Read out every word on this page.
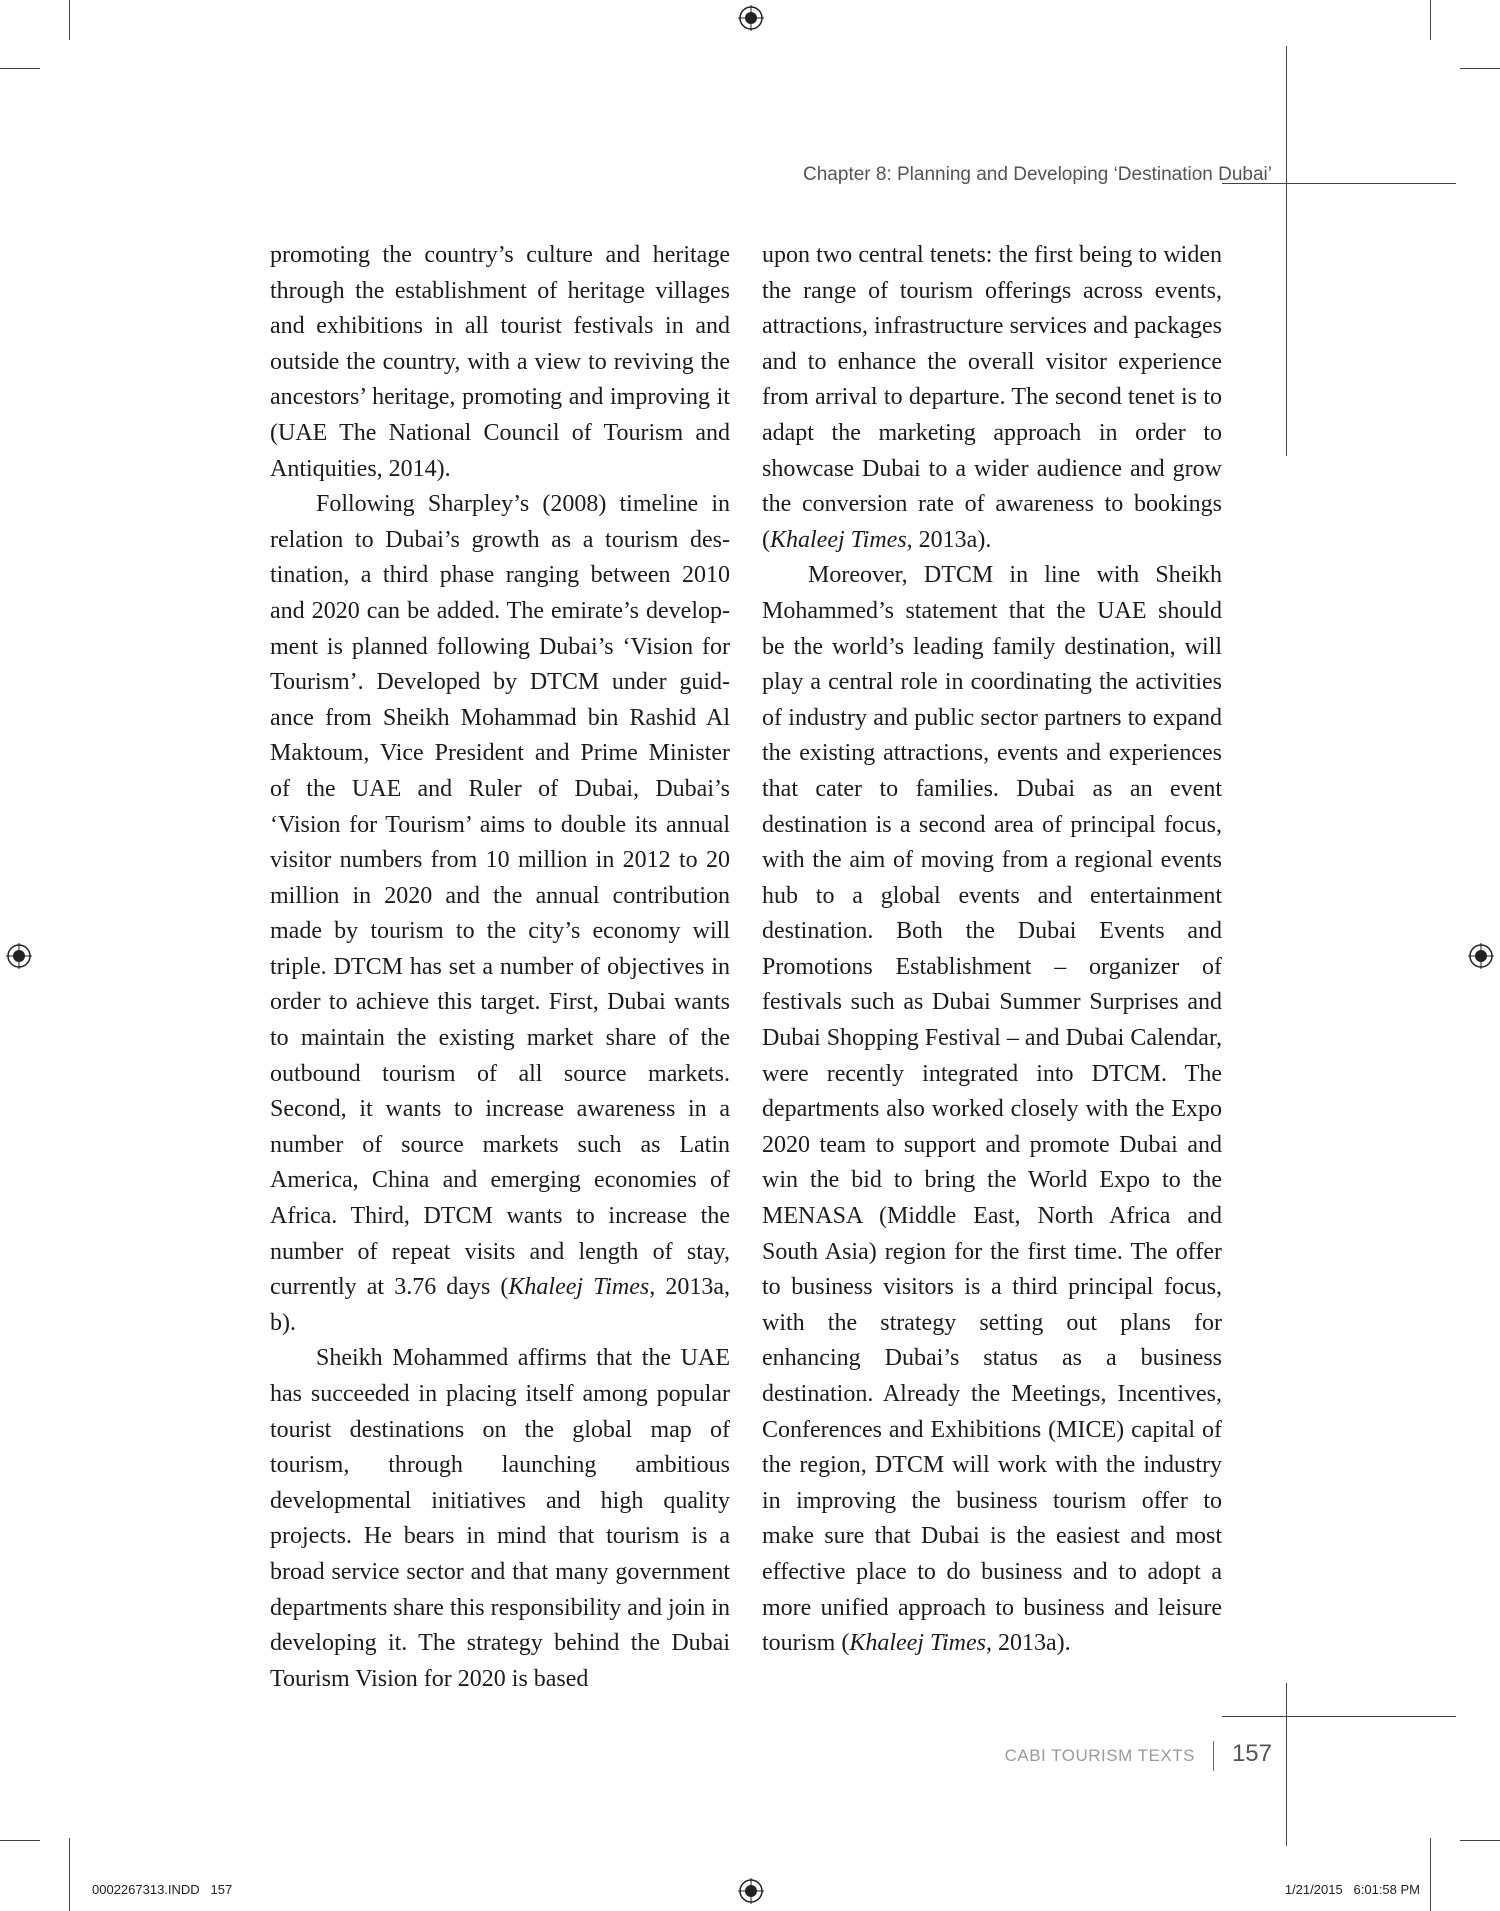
Chapter 8: Planning and Developing ‘Destination Dubai’

promoting the country’s culture and heritage through the establishment of heritage villages and exhibitions in all tourist festivals in and outside the country, with a view to reviving the ancestors’ heritage, promoting and improving it (UAE The National Council of Tourism and Antiquities, 2014).

Following Sharpley’s (2008) timeline in relation to Dubai’s growth as a tourism destination, a third phase ranging between 2010 and 2020 can be added. The emirate’s development is planned following Dubai’s ‘Vision for Tourism’. Developed by DTCM under guidance from Sheikh Mohammad bin Rashid Al Maktoum, Vice President and Prime Minister of the UAE and Ruler of Dubai, Dubai’s ‘Vision for Tourism’ aims to double its annual visitor numbers from 10 million in 2012 to 20 million in 2020 and the annual contribution made by tourism to the city’s economy will triple. DTCM has set a number of objectives in order to achieve this target. First, Dubai wants to maintain the existing market share of the outbound tourism of all source markets. Second, it wants to increase awareness in a number of source markets such as Latin America, China and emerging economies of Africa. Third, DTCM wants to increase the number of repeat visits and length of stay, currently at 3.76 days (Khaleej Times, 2013a, b).

Sheikh Mohammed affirms that the UAE has succeeded in placing itself among popular tourist destinations on the global map of tourism, through launching ambitious developmental initiatives and high quality projects. He bears in mind that tourism is a broad service sector and that many government departments share this responsibility and join in developing it. The strategy behind the Dubai Tourism Vision for 2020 is based

upon two central tenets: the first being to widen the range of tourism offerings across events, attractions, infrastructure services and packages and to enhance the overall visitor experience from arrival to departure. The second tenet is to adapt the marketing approach in order to showcase Dubai to a wider audience and grow the conversion rate of awareness to bookings (Khaleej Times, 2013a).

Moreover, DTCM in line with Sheikh Mohammed’s statement that the UAE should be the world’s leading family destination, will play a central role in coordinating the activities of industry and public sector partners to expand the existing attractions, events and experiences that cater to families. Dubai as an event destination is a second area of principal focus, with the aim of moving from a regional events hub to a global events and entertainment destination. Both the Dubai Events and Promotions Establishment – organizer of festivals such as Dubai Summer Surprises and Dubai Shopping Festival – and Dubai Calendar, were recently integrated into DTCM. The departments also worked closely with the Expo 2020 team to support and promote Dubai and win the bid to bring the World Expo to the MENASA (Middle East, North Africa and South Asia) region for the first time. The offer to business visitors is a third principal focus, with the strategy setting out plans for enhancing Dubai’s status as a business destination. Already the Meetings, Incentives, Conferences and Exhibitions (MICE) capital of the region, DTCM will work with the industry in improving the business tourism offer to make sure that Dubai is the easiest and most effective place to do business and to adopt a more unified approach to business and leisure tourism (Khaleej Times, 2013a).

CABI TOURISM TEXTS 157
0002267313.INDD   157	1/21/2015   6:01:58 PM
